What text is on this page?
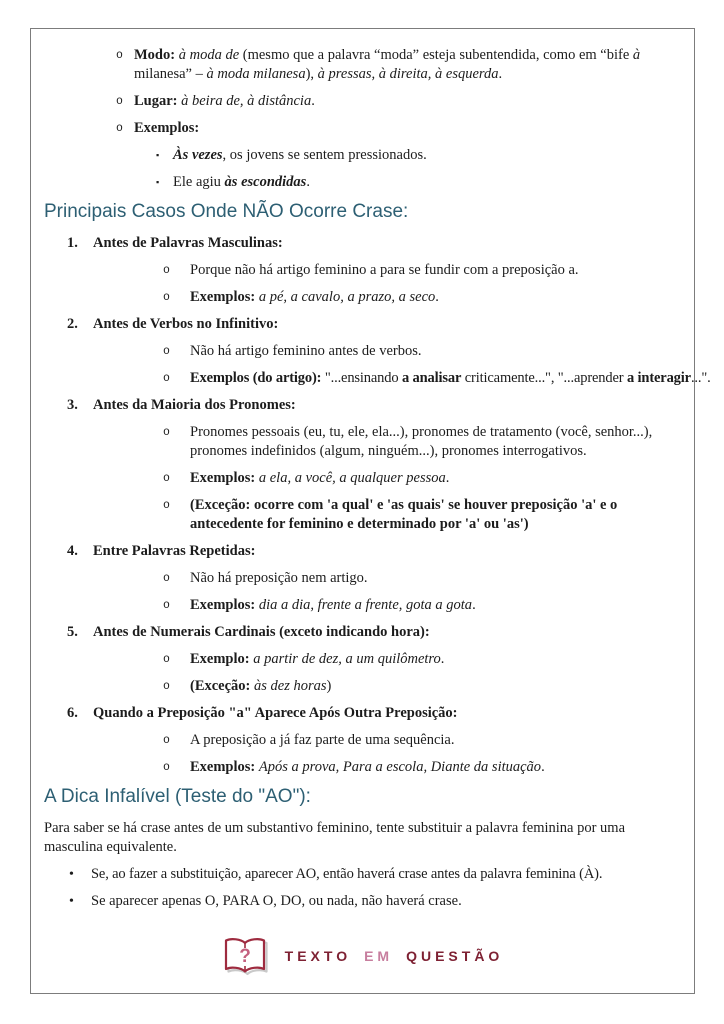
o Modo: à moda de (mesmo que a palavra “moda” esteja subentendida, como em “bife à milanesa” – à moda milanesa), à pressas, à direita, à esquerda.
o Lugar: à beira de, à distância.
o Exemplos:
▪ Às vezes, os jovens se sentem pressionados.
▪ Ele agiu às escondidas.
Principais Casos Onde NÃO Ocorre Crase:
1.	Antes de Palavras Masculinas:
o	Porque não há artigo feminino a para se fundir com a preposição a.
o	Exemplos: a pé, a cavalo, a prazo, a seco.
2.	Antes de Verbos no Infinitivo:
o	Não há artigo feminino antes de verbos.
o	Exemplos (do artigo): "...ensinando a analisar criticamente...", "...aprender a interagir...".
3.	Antes da Maioria dos Pronomes:
o	Pronomes pessoais (eu, tu, ele, ela...), pronomes de tratamento (você, senhor...), pronomes indefinidos (algum, ninguém...), pronomes interrogativos.
o	Exemplos: a ela, a você, a qualquer pessoa.
o	(Exceção: ocorre com 'a qual' e 'as quais' se houver preposição 'a' e o antecedente for feminino e determinado por 'a' ou 'as')
4.	Entre Palavras Repetidas:
o	Não há preposição nem artigo.
o	Exemplos: dia a dia, frente a frente, gota a gota.
5.	Antes de Numerais Cardinais (exceto indicando hora):
o	Exemplo: a partir de dez, a um quilômetro.
o	(Exceção: às dez horas)
6.	Quando a Preposição "a" Aparece Após Outra Preposição:
o	A preposição a já faz parte de uma sequência.
o	Exemplos: Após a prova, Para a escola, Diante da situação.
A Dica Infalível (Teste do "AO"):

Para saber se há crase antes de um substantivo feminino, tente substituir a palavra feminina por uma masculina equivalente.

•	Se, ao fazer a substituição, aparecer AO, então haverá crase antes da palavra feminina (À).
•	Se aparecer apenas O, PARA O, DO, ou nada, não haverá crase.
? TEXTO EM QUESTÃO
